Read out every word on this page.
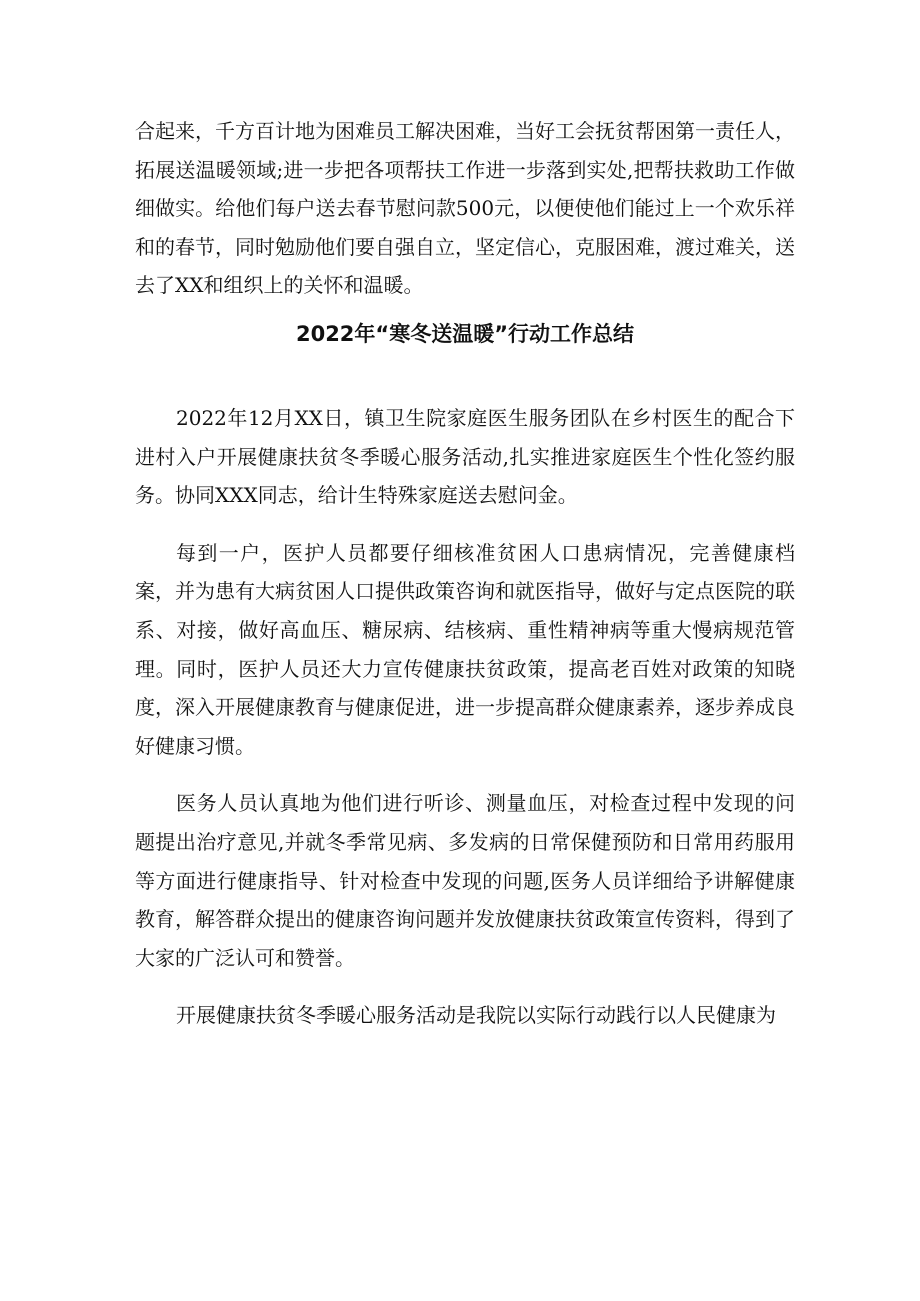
合起来，千方百计地为困难员工解决困难，当好工会抚贫帮困第一责任人，拓展送温暖领域;进一步把各项帮扶工作进一步落到实处,把帮扶救助工作做细做实。给他们每户送去春节慰问款500元，以便使他们能过上一个欢乐祥和的春节，同时勉励他们要自强自立，坚定信心，克服困难，渡过难关，送去了XX和组织上的关怀和温暖。

2022年“寒冬送温暖”行动工作总结

2022年12月XX日，镇卫生院家庭医生服务团队在乡村医生的配合下进村入户开展健康扶贫冬季暖心服务活动,扎实推进家庭医生个性化签约服务。协同XXX同志，给计生特殊家庭送去慰问金。

每到一户，医护人员都要仔细核准贫困人口患病情况，完善健康档案，并为患有大病贫困人口提供政策咨询和就医指导，做好与定点医院的联系、对接，做好高血压、糖尿病、结核病、重性精神病等重大慢病规范管理。同时，医护人员还大力宣传健康扶贫政策，提高老百姓对政策的知晓度，深入开展健康教育与健康促进，进一步提高群众健康素养，逐步养成良好健康习惯。

医务人员认真地为他们进行听诊、测量血压，对检查过程中发现的问题提出治疗意见,并就冬季常见病、多发病的日常保健预防和日常用药服用等方面进行健康指导、针对检查中发现的问题,医务人员详细给予讲解健康教育，解答群众提出的健康咨询问题并发放健康扶贫政策宣传资料，得到了大家的广泛认可和赞誉。

开展健康扶贫冬季暖心服务活动是我院以实际行动践行以人民健康为
